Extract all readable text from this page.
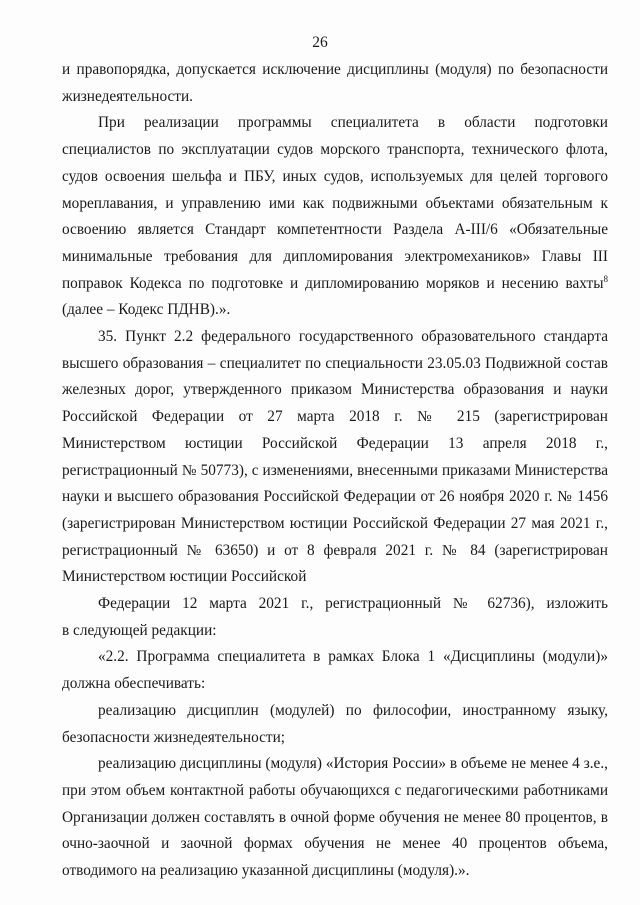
26

и правопорядка, допускается исключение дисциплины (модуля) по безопасности жизнедеятельности.

При реализации программы специалитета в области подготовки специалистов по эксплуатации судов морского транспорта, технического флота, судов освоения шельфа и ПБУ, иных судов, используемых для целей торгового мореплавания, и управлению ими как подвижными объектами обязательным к освоению является Стандарт компетентности Раздела А-III/6 «Обязательные минимальные требования для дипломирования электромехаников» Главы III поправок Кодекса по подготовке и дипломированию моряков и несению вахты$^8$ (далее – Кодекс ПДНВ).».

35. Пункт 2.2 федерального государственного образовательного стандарта высшего образования – специалитет по специальности 23.05.03 Подвижной состав железных дорог, утвержденного приказом Министерства образования и науки Российской Федерации от 27 марта 2018 г. № 215 (зарегистрирован Министерством юстиции Российской Федерации 13 апреля 2018 г., регистрационный № 50773), с изменениями, внесенными приказами Министерства науки и высшего образования Российской Федерации от 26 ноября 2020 г. № 1456 (зарегистрирован Министерством юстиции Российской Федерации 27 мая 2021 г., регистрационный № 63650) и от 8 февраля 2021 г. № 84 (зарегистрирован Министерством юстиции Российской
Федерации 12 марта 2021 г., регистрационный № 62736), изложить
в следующей редакции:

«2.2. Программа специалитета в рамках Блока 1 «Дисциплины (модули)» должна обеспечивать:

реализацию дисциплин (модулей) по философии, иностранному языку, безопасности жизнедеятельности;

реализацию дисциплины (модуля) «История России» в объеме не менее 4 з.е., при этом объем контактной работы обучающихся с педагогическими работниками Организации должен составлять в очной форме обучения не менее 80 процентов, в очно-заочной и заочной формах обучения не менее 40 процентов объема, отводимого на реализацию указанной дисциплины (модуля).».
